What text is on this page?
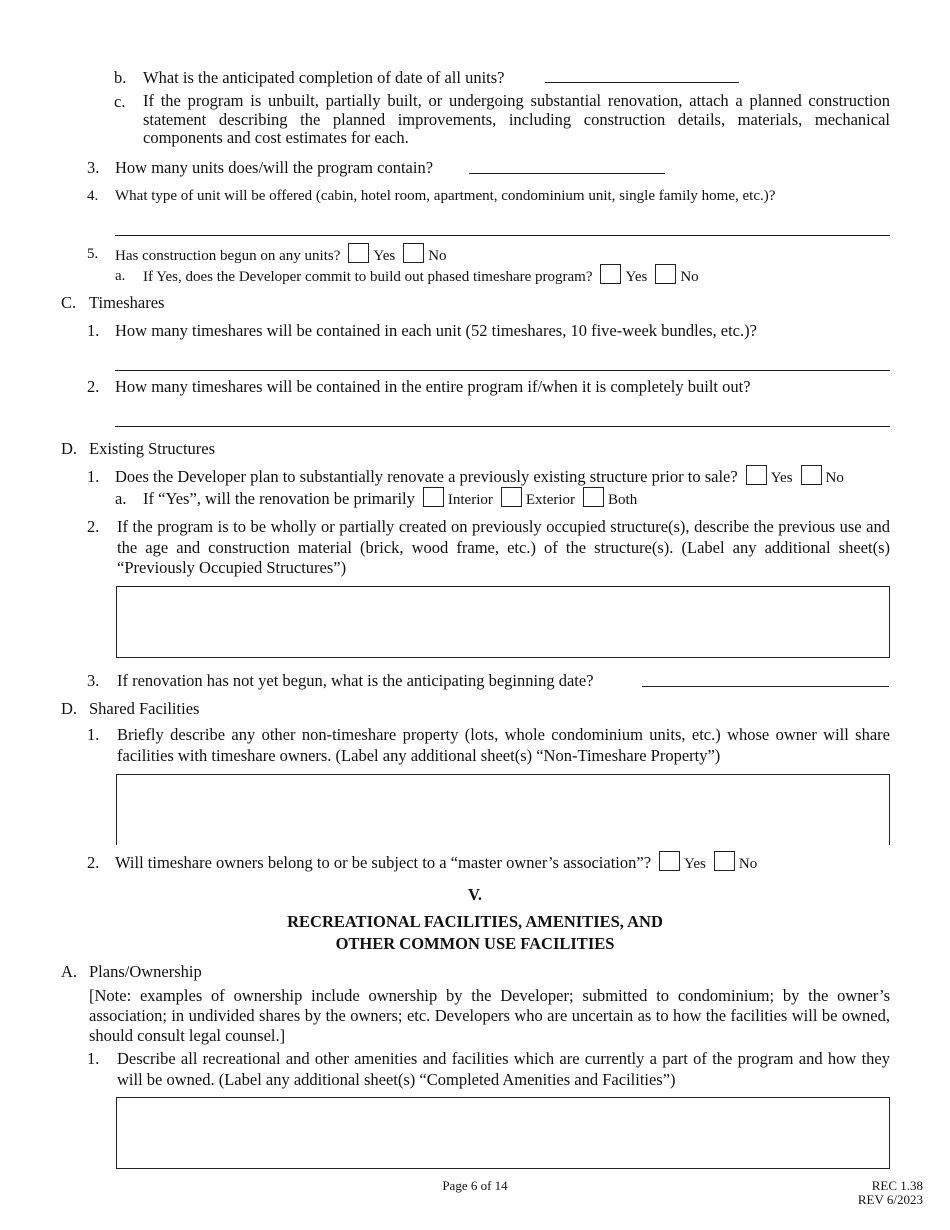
b. What is the anticipated completion of date of all units?
c. If the program is unbuilt, partially built, or undergoing substantial renovation, attach a planned construction statement describing the planned improvements, including construction details, materials, mechanical components and cost estimates for each.
3. How many units does/will the program contain?
4. What type of unit will be offered (cabin, hotel room, apartment, condominium unit, single family home, etc.)?
5. Has construction begun on any units? Yes No
a. If Yes, does the Developer commit to build out phased timeshare program? Yes No
C. Timeshares
1. How many timeshares will be contained in each unit (52 timeshares, 10 five-week bundles, etc.)?
2. How many timeshares will be contained in the entire program if/when it is completely built out?
D. Existing Structures
1. Does the Developer plan to substantially renovate a previously existing structure prior to sale? Yes No
a. If “Yes”, will the renovation be primarily Interior Exterior Both
2. If the program is to be wholly or partially created on previously occupied structure(s), describe the previous use and the age and construction material (brick, wood frame, etc.) of the structure(s). (Label any additional sheet(s) “Previously Occupied Structures”)
3. If renovation has not yet begun, what is the anticipating beginning date?
D. Shared Facilities
1. Briefly describe any other non-timeshare property (lots, whole condominium units, etc.) whose owner will share facilities with timeshare owners. (Label any additional sheet(s) “Non-Timeshare Property”)
2. Will timeshare owners belong to or be subject to a “master owner’s association”? Yes No
V.
RECREATIONAL FACILITIES, AMENITIES, AND
OTHER COMMON USE FACILITIES
A. Plans/Ownership
[Note: examples of ownership include ownership by the Developer; submitted to condominium; by the owner’s association; in undivided shares by the owners; etc. Developers who are uncertain as to how the facilities will be owned, should consult legal counsel.]
1. Describe all recreational and other amenities and facilities which are currently a part of the program and how they will be owned. (Label any additional sheet(s) “Completed Amenities and Facilities”)
Page 6 of 14	REC 1.38
REV 6/2023
